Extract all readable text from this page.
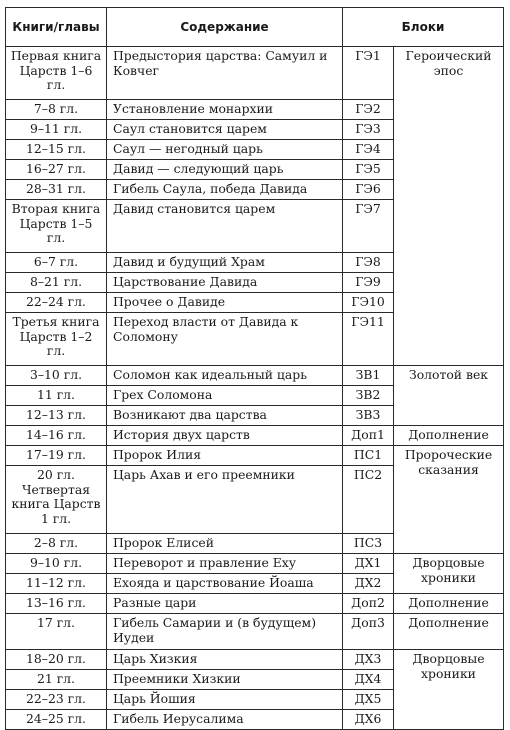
Книги/главы	Содержание	Блоки	
Первая книга Царств 1–6 гл.	Предыстория царства: Самуил и Ковчег	ГЭ1	Героический эпос
7–8 гл.	Установление монархии	ГЭ2	
9–11 гл.	Саул становится царем	ГЭ3	
12–15 гл.	Саул — негодный царь	ГЭ4	
16–27 гл.	Давид — следующий царь	ГЭ5	
28–31 гл.	Гибель Саула, победа Давида	ГЭ6	
Вторая книга Царств 1–5 гл.	Давид становится царем	ГЭ7	
6–7 гл.	Давид и будущий Храм	ГЭ8	
8–21 гл.	Царствование Давида	ГЭ9	
22–24 гл.	Прочее о Давиде	ГЭ10	
Третья книга Царств 1–2 гл.	Переход власти от Давида к Соломону	ГЭ11	
3–10 гл.	Соломон как идеальный царь	ЗВ1	Золотой век
11 гл.	Грех Соломона	ЗВ2	
12–13 гл.	Возникают два царства	ЗВ3	
14–16 гл.	История двух царств	Доп1	Дополнение
17–19 гл.	Пророк Илия	ПС1	Пророческие сказания
20 гл. Четвертая книга Царств 1 гл.	Царь Ахав и его преемники	ПС2	
2–8 гл.	Пророк Елисей	ПС3	
9–10 гл.	Переворот и правление Еху	ДХ1	Дворцовые хроники
11–12 гл.	Ехояда и царствование Йоаша	ДХ2	
13–16 гл.	Разные цари	Доп2	Дополнение
17 гл.	Гибель Самарии и (в будущем) Иудеи	Доп3	Дополнение
18–20 гл.	Царь Хизкия	ДХ3	Дворцовые хроники
21 гл.	Преемники Хизкии	ДХ4	
22–23 гл.	Царь Йошия	ДХ5	
24–25 гл.	Гибель Иерусалима	ДХ6	
